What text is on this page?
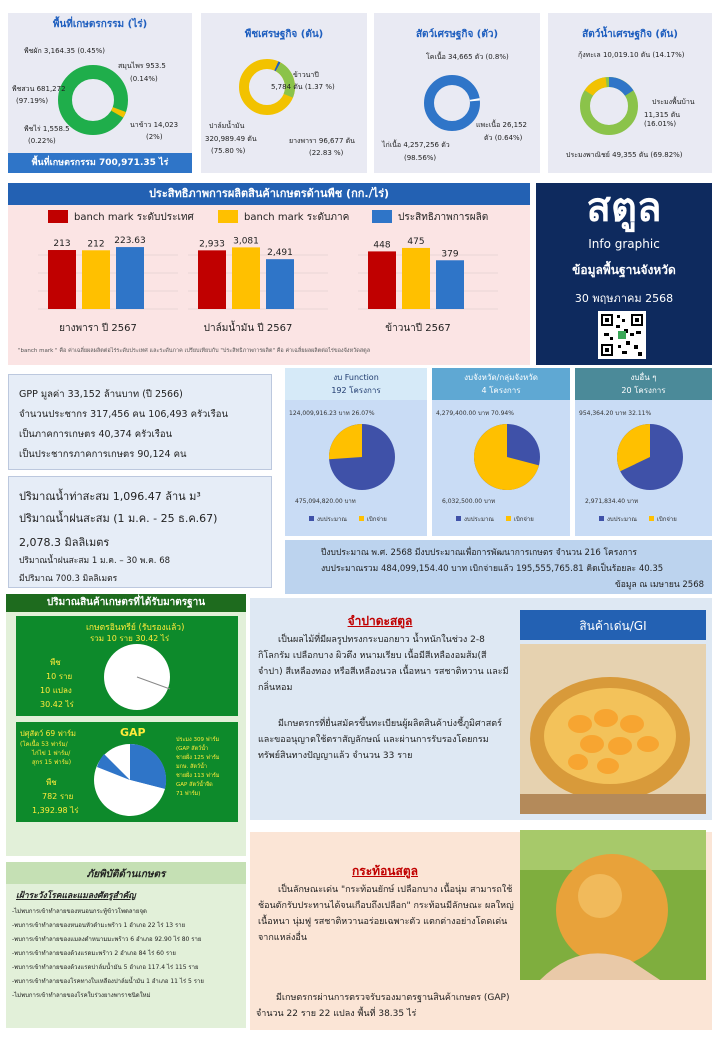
พื้นที่เกษตรกรรม (ไร่)
พืชผัก 3,164.35 (0.45%)
สมุนไพร 953.5
(0.14%)
พืชสวน 681,272
(97.19%)
พืชไร่ 1,558.5
(0.22%)
นาข้าว 14,023
(2%)
พื้นที่เกษตรกรรม 700,971.35 ไร่
พืชเศรษฐกิจ (ตัน)
ข้าวนาปี
5,784 ตัน (1.37 %)
ปาล์มน้ำมัน
320,989.49 ตัน
(75.80 %)
ยางพารา 96,677 ตัน
(22.83 %)
สัตว์เศรษฐกิจ (ตัว)
โคเนื้อ 34,665 ตัว (0.8%)
แพะเนื้อ 26,152
ตัว (0.64%)
ไก่เนื้อ 4,257,256 ตัว
(98.56%)
สัตว์น้ำเศรษฐกิจ (ตัน)
กุ้งทะเล 10,019.10 ตัน (14.17%)
ประมงพื้นบ้าน
11,315 ตัน (16.01%)
ประมงพาณิชย์ 49,355 ตัน (69.82%)
ประสิทธิภาพการผลิตสินค้าเกษตรด้านพืช (กก./ไร่)
banch mark ระดับประเทศ	banch mark ระดับภาค	ประสิทธิภาพการผลิต
213 212 223.63
ยางพารา ปี 2567
2,933 3,081
2,491
ปาล์มน้ำมัน ปี 2567
448 475
379
ข้าวนาปี 2567
"banch mark " คือ ค่าเฉลี่ยผลผลิตต่อไร่ระดับประเทศ และระดับภาค เปรียบเทียบกับ "ประสิทธิภาพการผลิต" คือ ค่าเฉลี่ยผลผลิตต่อไร่ของจังหวัดสตูล
สตูล
Info graphic
ข้อมูลพื้นฐานจังหวัด
30 พฤษภาคม 2568
GPP มูลค่า 33,152 ล้านบาท (ปี 2566)
จำนวนประชากร 317,456 คน 106,493 ครัวเรือน
เป็นภาคการเกษตร 40,374 ครัวเรือน
เป็นประชากรภาคการเกษตร 90,124 คน
ปริมาณน้ำท่าสะสม 1,096.47 ล้าน ม³
ปริมาณน้ำฝนสะสม (1 ม.ค. - 25 ธ.ค.67)
2,078.3 มิลลิเมตร
ปริมาณน้ำฝนสะสม 1 ม.ค. – 30 พ.ค. 68
มีปริมาณ 700.3 มิลลิเมตร
งบ Function
192 โครงการ
124,009,916.23 บาท 26.07%
475,094,820.00 บาท
งบประมาณ	เบิกจ่าย
งบจังหวัด/กลุ่มจังหวัด
4 โครงการ
4,279,400.00 บาท 70.94%
6,032,500.00 บาท
งบประมาณ	เบิกจ่าย
งบอื่น ๆ
20 โครงการ
954,364.20 บาท 32.11%
2,971,834.40 บาท
งบประมาณ	เบิกจ่าย
ปีงบประมาณ พ.ศ. 2568 มีงบประมาณเพื่อการพัฒนาการเกษตร จำนวน 216 โครงการ
งบประมาณรวม 484,099,154.40 บาท เบิกจ่ายแล้ว 195,555,765.81 คิดเป็นร้อยละ 40.35
ข้อมูล ณ เมษายน 2568
ปริมาณสินค้าเกษตรที่ได้รับมาตรฐาน
เกษตรอินทรีย์ (รับรองแล้ว)
รวม 10 ราย 30.42 ไร่
พืช
10 ราย
10 แปลง
30.42 ไร่
GAP
ปศุสัตว์ 69 ฟาร์ม
(โคเนื้อ 53 ฟาร์ม/
ไก่ไข่ 1 ฟาร์ม/
สุกร 15 ฟาร์ม)
ประมง 309 ฟาร์ม
(GAP สัตว์น้ำ
ชายฝั่ง 125 ฟาร์ม
มกษ. สัตว์น้ำ
ชายฝั่ง 113 ฟาร์ม
GAP สัตว์น้ำจืด
71 ฟาร์ม)
พืช
782 ราย
1,392.98 ไร่
ภัยพิบัติด้านเกษตร
เฝ้าระวังโรคและแมลงศัตรูสำคัญ
-ไม่พบการเข้าทำลายของหนอนกระทู้ข้าวโพดลายจุด
-พบการเข้าทำลายของหนอนหัวดำมะพร้าว 1 อำเภอ 22 ไร่ 13 ราย
-พบการเข้าทำลายของแมลงดำหนามมะพร้าว 6 อำเภอ 92.90 ไร่ 80 ราย
-พบการเข้าทำลายของด้วงแรดมะพร้าว 2 อำเภอ 84 ไร่ 60 ราย
-พบการเข้าทำลายของด้วงแรดปาล์มน้ำมัน 5 อำเภอ 117.4 ไร่ 115 ราย
-พบการเข้าทำลายของโรคทางใบเหลืองปาล์มน้ำมัน 1 อำเภอ 11 ไร่ 5 ราย
-ไม่พบการเข้าทำลายของโรคใบร่วงยางพาราชนิดใหม่
จำปาดะสตูล
เป็นผลไม้ที่มีผลรูปทรงกระบอกยาว น้ำหนักในช่วง 2-8 กิโลกรัม เปลือกบาง ผิวตึง หนามเรียบ เนื้อมีสีเหลืองอมส้ม(สีจำปา) สีเหลืองทอง หรือสีเหลืองนวล เนื้อหนา รสชาติหวาน และมีกลิ่นหอม
มีเกษตรกรที่ยื่นสมัครขึ้นทะเบียนผู้ผลิตสินค้าบ่งชี้ภูมิศาสตร์และขออนุญาตใช้ตราสัญลักษณ์ และผ่านการรับรองโดยกรมทรัพย์สินทางปัญญาแล้ว จำนวน 33 ราย
สินค้าเด่น/GI
กระท้อนสตูล
เป็นลักษณะเด่น "กระท้อนยักษ์ เปลือกบาง เนื้อนุ่ม สามารถใช้ช้อนตักรับประทานได้จนเกือบถึงเปลือก" กระท้อนมีลักษณะ ผลใหญ่ เนื้อหนา นุ่มฟู รสชาติหวานอร่อยเฉพาะตัว แตกต่างอย่างโดดเด่นจากแหล่งอื่น
มีเกษตรกรผ่านการตรวจรับรองมาตรฐานสินค้าเกษตร (GAP)
จำนวน 22 ราย 22 แปลง พื้นที่ 38.35 ไร่
